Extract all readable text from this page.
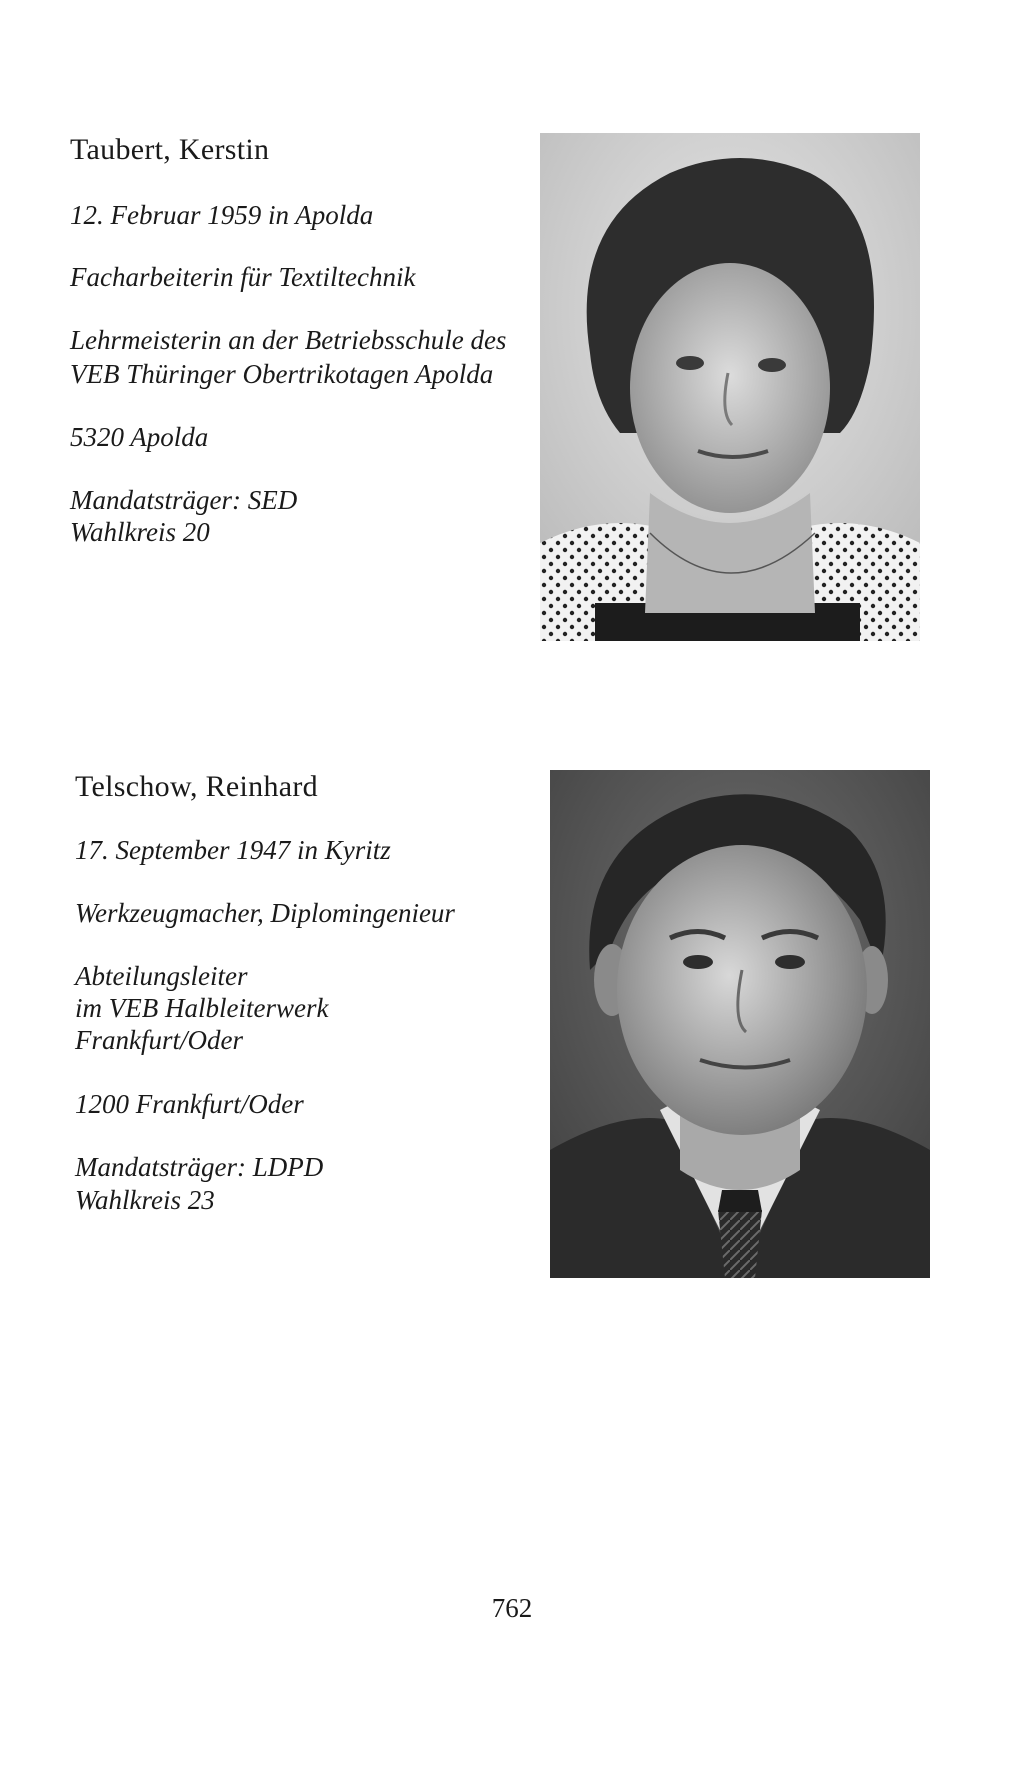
Taubert, Kerstin

12. Februar 1959 in Apolda

Facharbeiterin für Textiltechnik

Lehrmeisterin an der Betriebsschule des

VEB Thüringer Obertrikotagen Apolda

5320 Apolda

Mandatsträger: SED

Wahlkreis 20

Telschow, Reinhard

17. September 1947 in Kyritz

Werkzeugmacher, Diplomingenieur

Abteilungsleiter

im VEB Halbleiterwerk

Frankfurt/Oder

1200 Frankfurt/Oder

Mandatsträger: LDPD

Wahlkreis 23

762
